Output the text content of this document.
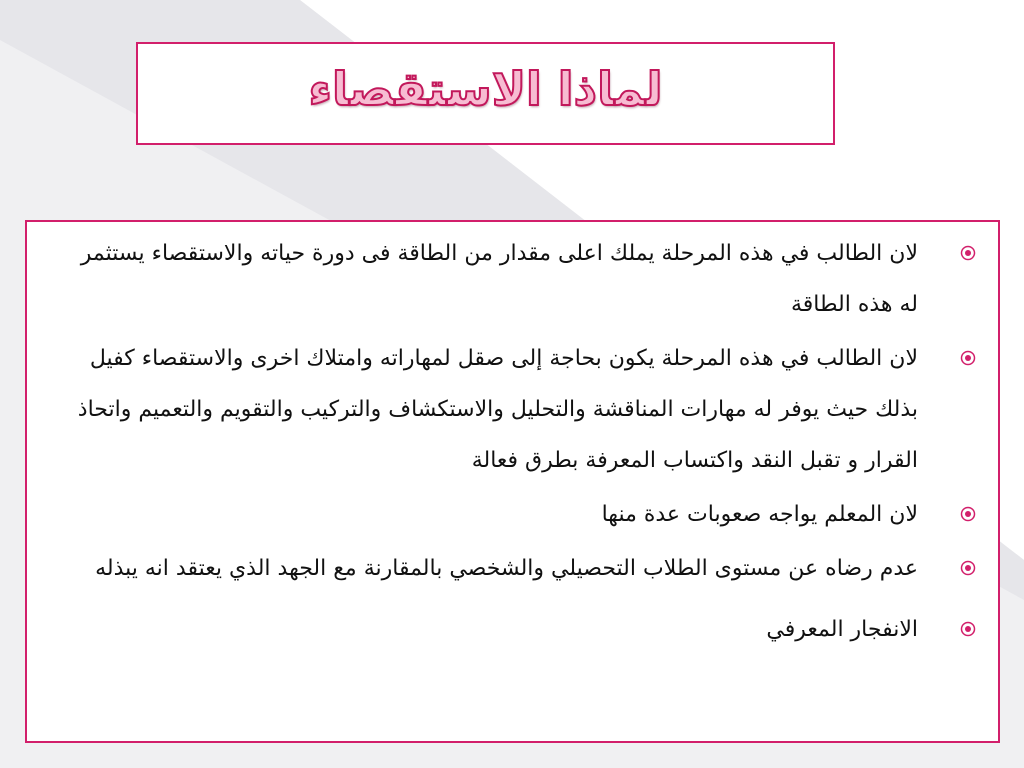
لماذا الاستقصاء
لان الطالب في هذه المرحلة يملك اعلى مقدار من الطاقة فى دورة حياته والاستقصاء يستثمر له هذه الطاقة
لان الطالب في هذه المرحلة يكون بحاجة إلى صقل لمهاراته وامتلاك اخرى والاستقصاء كفيل بذلك حيث يوفر له مهارات المناقشة والتحليل والاستكشاف والتركيب والتقويم والتعميم واتحاذ القرار و تقبل النقد واكتساب المعرفة بطرق فعالة
لان المعلم يواجه صعوبات عدة منها
عدم رضاه عن مستوى الطلاب التحصيلي والشخصي بالمقارنة مع الجهد الذي يعتقد انه يبذله
الانفجار المعرفي
